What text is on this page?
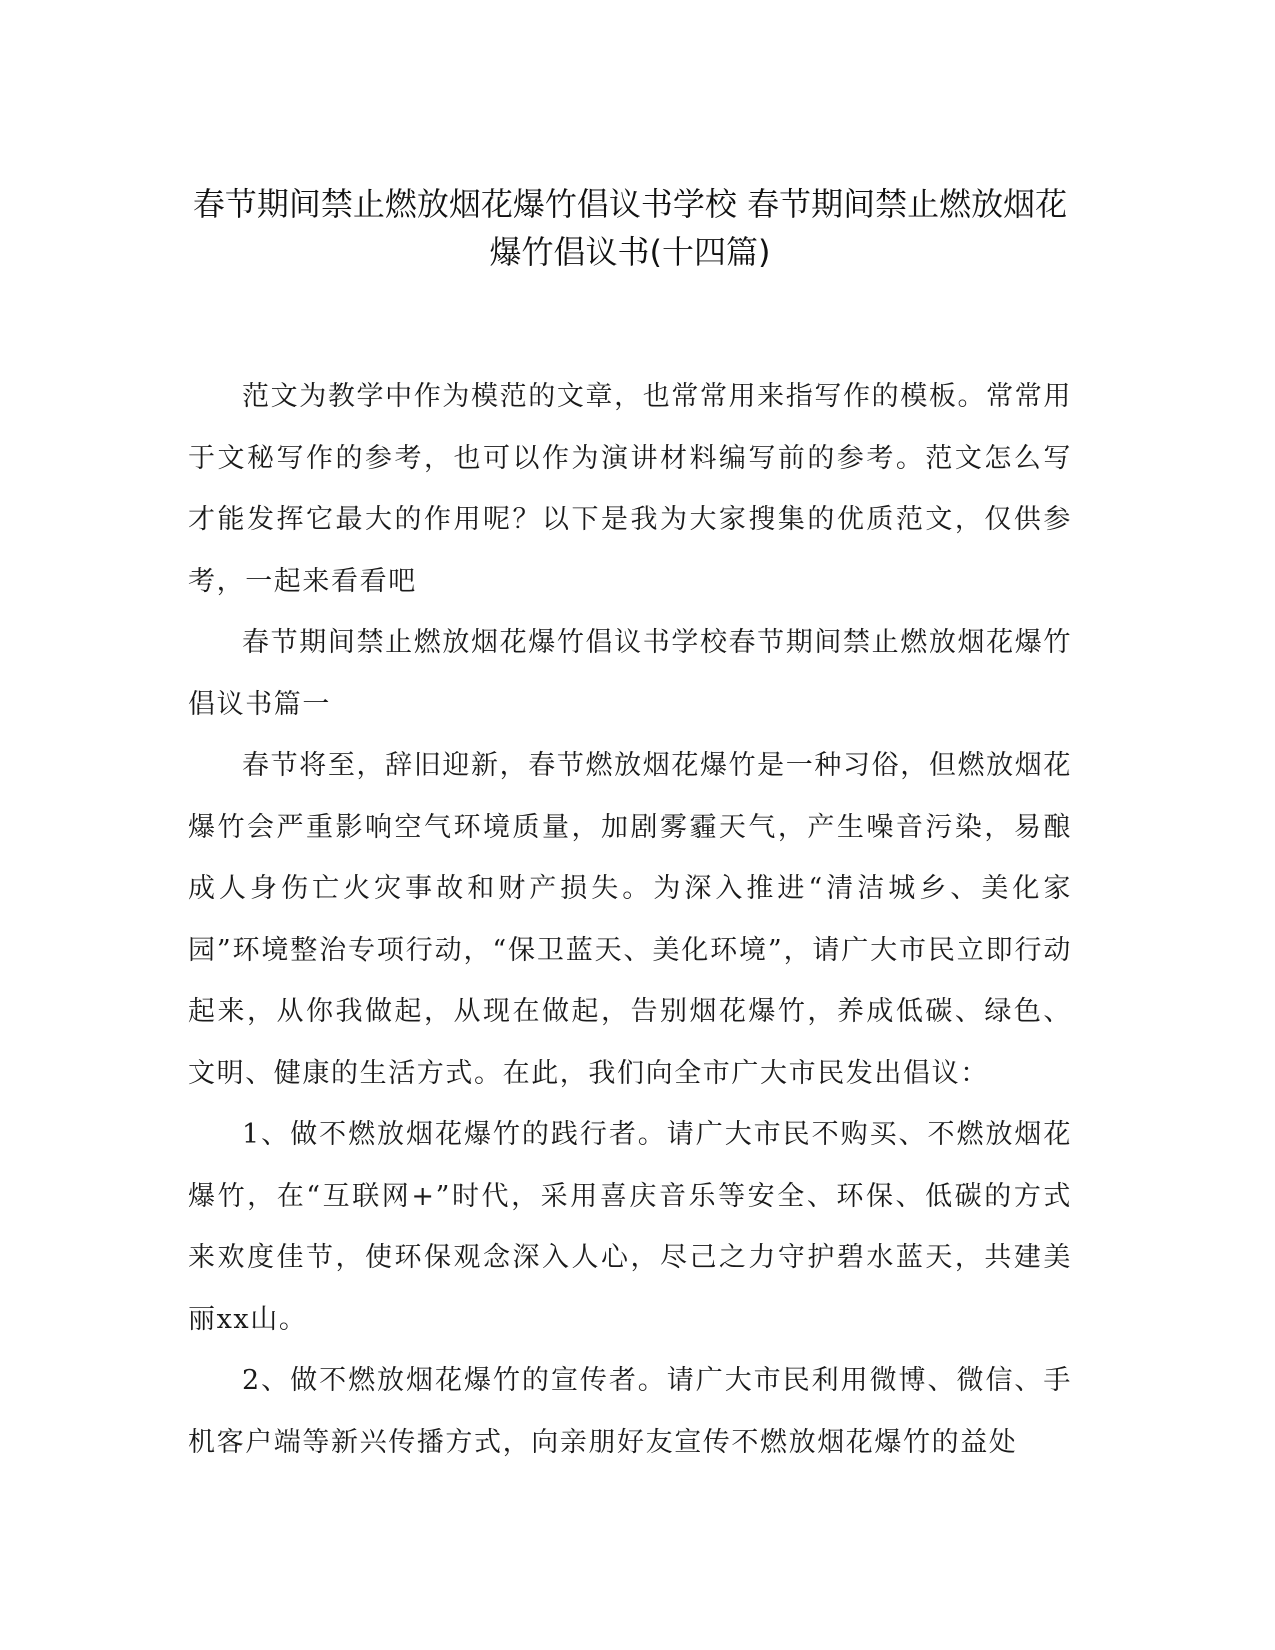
春节期间禁止燃放烟花爆竹倡议书学校 春节期间禁止燃放烟花爆竹倡议书(十四篇)

范文为教学中作为模范的文章，也常常用来指写作的模板。常常用于文秘写作的参考，也可以作为演讲材料编写前的参考。范文怎么写才能发挥它最大的作用呢？以下是我为大家搜集的优质范文，仅供参考，一起来看看吧

春节期间禁止燃放烟花爆竹倡议书学校春节期间禁止燃放烟花爆竹倡议书篇一

春节将至，辞旧迎新，春节燃放烟花爆竹是一种习俗，但燃放烟花爆竹会严重影响空气环境质量，加剧雾霾天气，产生噪音污染，易酿成人身伤亡火灾事故和财产损失。为深入推进“清洁城乡、美化家园”环境整治专项行动，“保卫蓝天、美化环境”，请广大市民立即行动起来，从你我做起，从现在做起，告别烟花爆竹，养成低碳、绿色、文明、健康的生活方式。在此，我们向全市广大市民发出倡议：

1、做不燃放烟花爆竹的践行者。请广大市民不购买、不燃放烟花爆竹，在“互联网+”时代，采用喜庆音乐等安全、环保、低碳的方式来欢度佳节，使环保观念深入人心，尽己之力守护碧水蓝天，共建美丽xx山。

2、做不燃放烟花爆竹的宣传者。请广大市民利用微博、微信、手机客户端等新兴传播方式，向亲朋好友宣传不燃放烟花爆竹的益处
